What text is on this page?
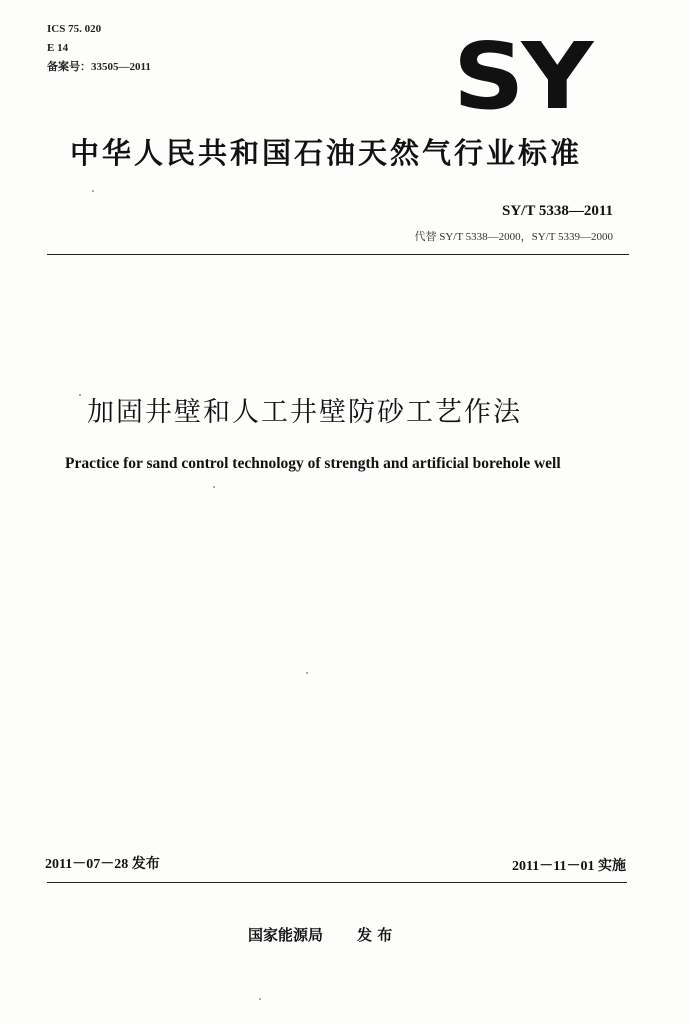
ICS 75. 020
E 14
备案号：33505—2011	SY
中华人民共和国石油天然气行业标准
SY/T 5338—2011
代替 SY/T 5338—2000，SY/T 5339—2000
加固井壁和人工井壁防砂工艺作法
Practice for sand control technology of strength and artificial borehole well
2011－07－28 发布	2011－11－01 实施
国家能源局 发 布
